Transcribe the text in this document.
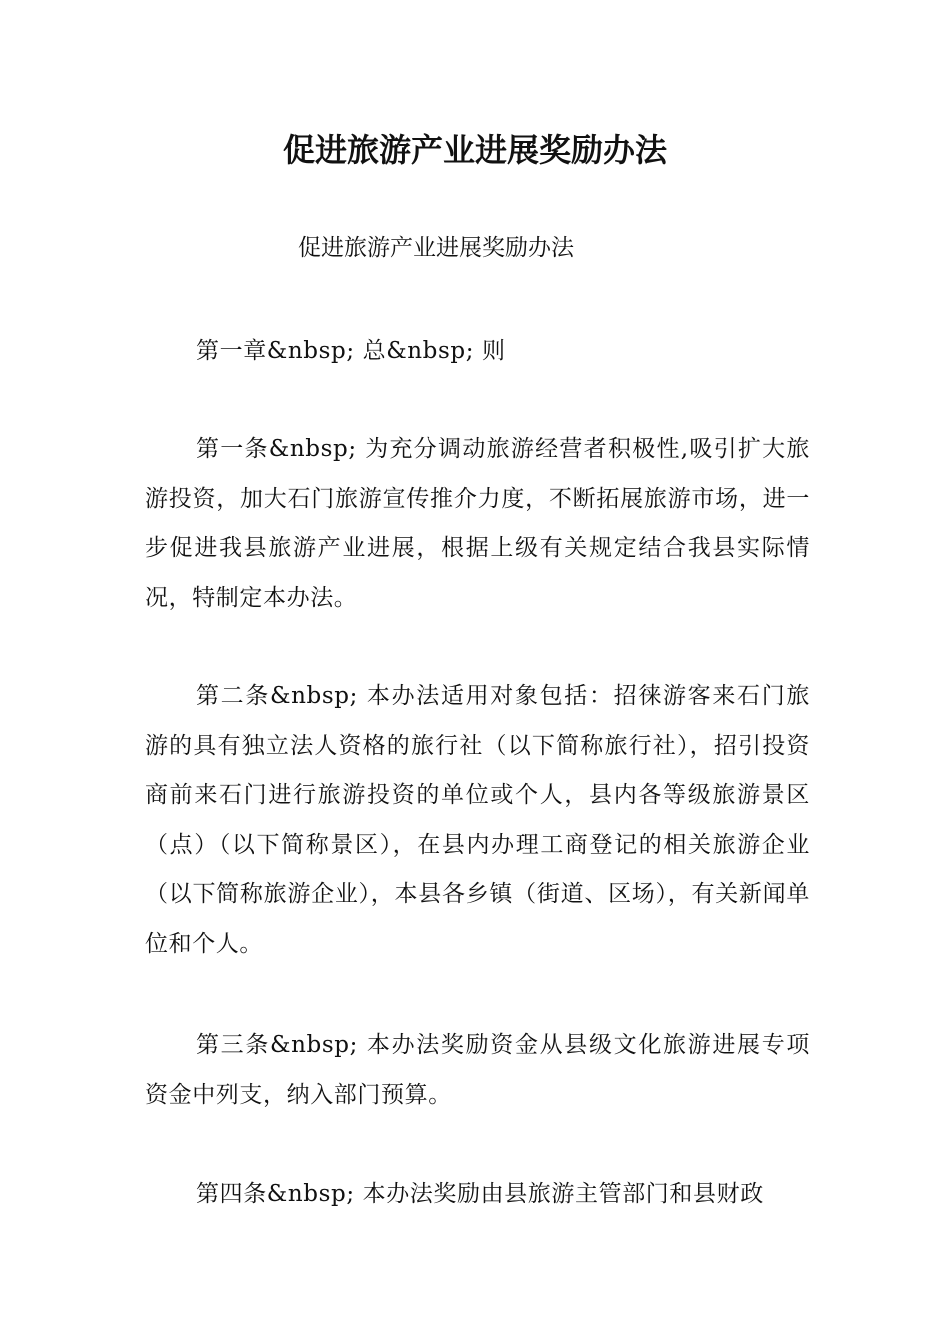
促进旅游产业进展奖励办法

促进旅游产业进展奖励办法

第一章&nbsp; 总&nbsp; 则

第一条&nbsp; 为充分调动旅游经营者积极性,吸引扩大旅游投资，加大石门旅游宣传推介力度，不断拓展旅游市场，进一步促进我县旅游产业进展，根据上级有关规定结合我县实际情况，特制定本办法。

第二条&nbsp; 本办法适用对象包括：招徕游客来石门旅游的具有独立法人资格的旅行社（以下简称旅行社），招引投资商前来石门进行旅游投资的单位或个人，县内各等级旅游景区（点）（以下简称景区），在县内办理工商登记的相关旅游企业（以下简称旅游企业），本县各乡镇（街道、区场），有关新闻单位和个人。

第三条&nbsp; 本办法奖励资金从县级文化旅游进展专项资金中列支，纳入部门预算。

第四条&nbsp; 本办法奖励由县旅游主管部门和县财政
